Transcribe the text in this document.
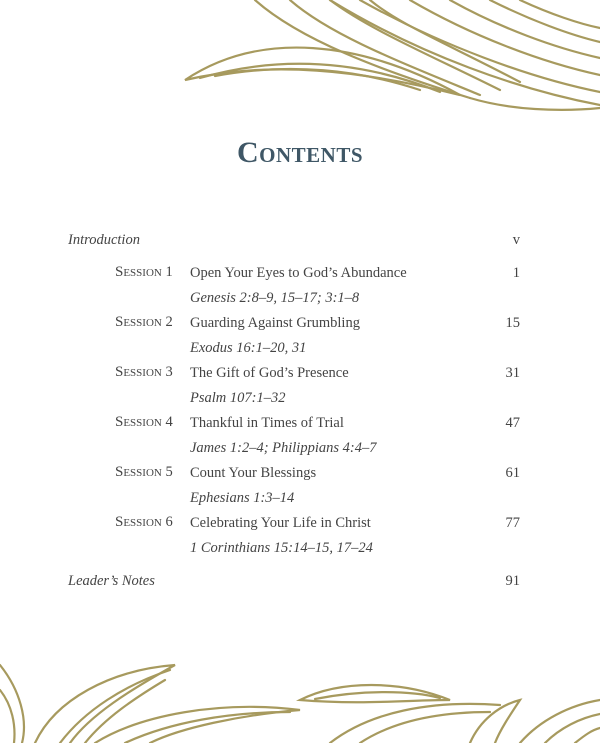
Contents
Introduction	v
Session 1 Open Your Eyes to God’s Abundance	1
Genesis 2:8–9, 15–17; 3:1–8
Session 2 Guarding Against Grumbling	15
Exodus 16:1–20, 31
Session 3 The Gift of God’s Presence	31
Psalm 107:1–32
Session 4 Thankful in Times of Trial	47
James 1:2–4; Philippians 4:4–7
Session 5 Count Your Blessings	61
Ephesians 1:3–14
Session 6 Celebrating Your Life in Christ	77
1 Corinthians 15:14–15, 17–24
Leader’s Notes	91
